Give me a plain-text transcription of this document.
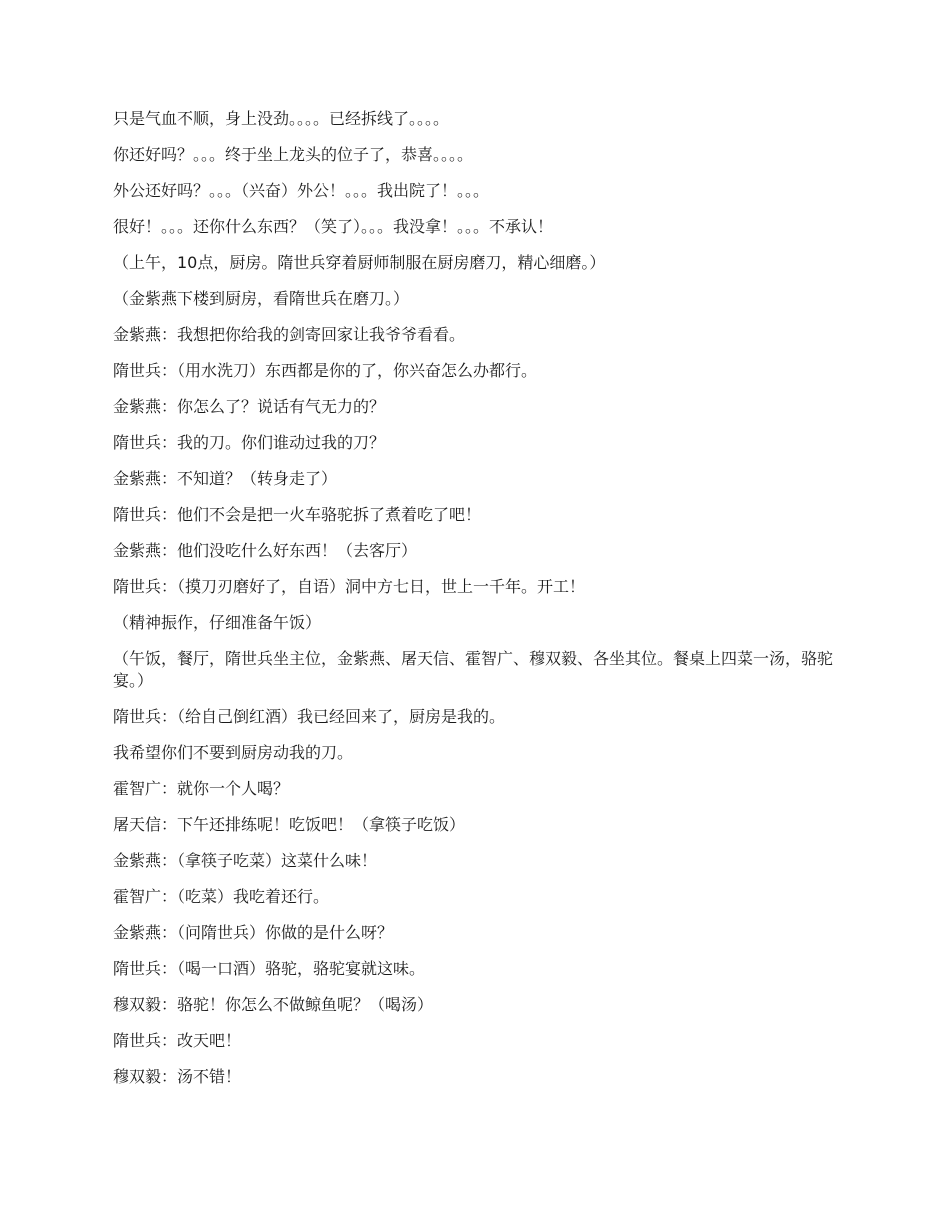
只是气血不顺，身上没劲。。。。已经拆线了。。。。

你还好吗？。。。终于坐上龙头的位子了，恭喜。。。。

外公还好吗？。。。（兴奋）外公！。。。我出院了！。。。

很好！。。。还你什么东西？（笑了）。。。我没拿！。。。不承认！

（上午，10点，厨房。隋世兵穿着厨师制服在厨房磨刀，精心细磨。）

（金紫燕下楼到厨房，看隋世兵在磨刀。）

金紫燕：我想把你给我的剑寄回家让我爷爷看看。

隋世兵：（用水洗刀）东西都是你的了，你兴奋怎么办都行。

金紫燕：你怎么了？说话有气无力的？

隋世兵：我的刀。你们谁动过我的刀？

金紫燕：不知道？（转身走了）

隋世兵：他们不会是把一火车骆驼拆了煮着吃了吧！

金紫燕：他们没吃什么好东西！（去客厅）

隋世兵：（摸刀刃磨好了，自语）洞中方七日，世上一千年。开工！

（精神振作，仔细准备午饭）

（午饭，餐厅，隋世兵坐主位，金紫燕、屠天信、霍智广、穆双毅、各坐其位。餐桌上四菜一汤，骆驼宴。）

隋世兵：（给自己倒红酒）我已经回来了，厨房是我的。

我希望你们不要到厨房动我的刀。

霍智广：就你一个人喝？

屠天信：下午还排练呢！吃饭吧！（拿筷子吃饭）

金紫燕：（拿筷子吃菜）这菜什么味！

霍智广：（吃菜）我吃着还行。

金紫燕：（问隋世兵）你做的是什么呀？

隋世兵：（喝一口酒）骆驼，骆驼宴就这味。

穆双毅：骆驼！你怎么不做鲸鱼呢？（喝汤）

隋世兵：改天吧！

穆双毅：汤不错！
